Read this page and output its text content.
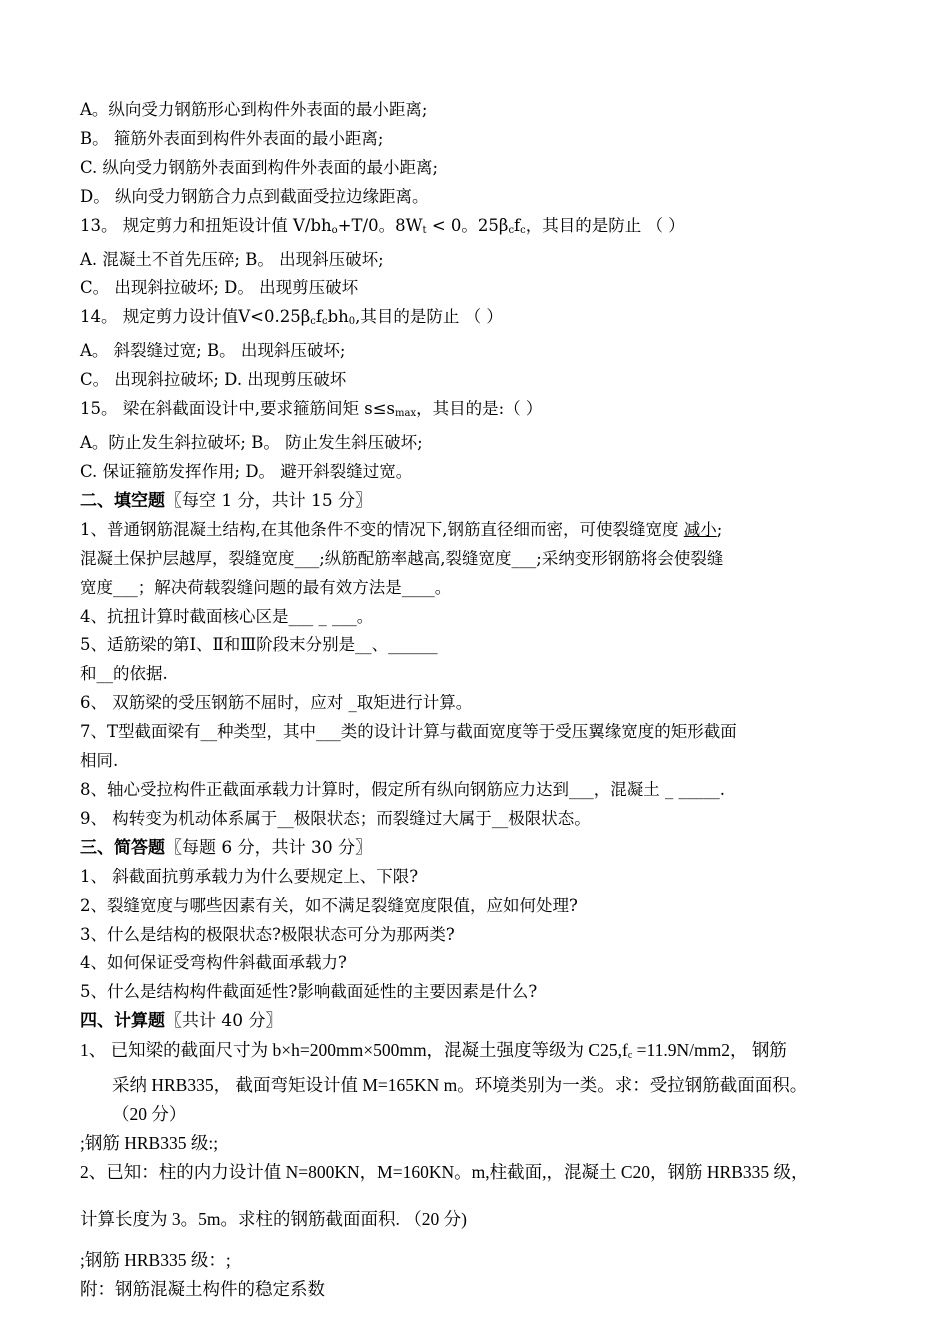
A。纵向受力钢筋形心到构件外表面的最小距离;
B。 箍筋外表面到构件外表面的最小距离;
C. 纵向受力钢筋外表面到构件外表面的最小距离;
D。 纵向受力钢筋合力点到截面受拉边缘距离。
13。 规定剪力和扭矩设计值 $V/bh_o+T/0$。$8W_t < 0$。$25\beta_cf_c$，其目的是防止 （ ）
A. 混凝土不首先压碎; B。 出现斜压破坏;
C。 出现斜拉破坏; D。 出现剪压破坏
14。 规定剪力设计值$V<0.25\beta_cf_cbh_0$,其目的是防止 （ ）
A。 斜裂缝过宽; B。 出现斜压破坏;
C。 出现斜拉破坏; D. 出现剪压破坏
15。 梁在斜截面设计中,要求箍筋间矩 $s\le s_{max}$，其目的是:（ ）
A。防止发生斜拉破坏; B。 防止发生斜压破坏;
C. 保证箍筋发挥作用; D。 避开斜裂缝过宽。
二、填空题〖每空 1 分，共计 15 分〗
1、普通钢筋混凝土结构,在其他条件不变的情况下,钢筋直径细而密，可使裂缝宽度 减小;
混凝土保护层越厚，裂缝宽度___;纵筋配筋率越高,裂缝宽度___;采纳变形钢筋将会使裂缝
宽度___；解决荷载裂缝问题的最有效方法是____。
4、抗扭计算时截面核心区是___ _ ___。
5、适筋梁的第Ⅰ、Ⅱ和Ⅲ阶段末分别是__、______
和__的依据.
6、 双筋梁的受压钢筋不屈时，应对 _取矩进行计算。
7、T型截面梁有__种类型，其中___类的设计计算与截面宽度等于受压翼缘宽度的矩形截面
相同.
8、轴心受拉构件正截面承载力计算时，假定所有纵向钢筋应力达到___，混凝土 _ _____.
9、 构转变为机动体系属于__极限状态；而裂缝过大属于__极限状态。
三、简答题〖每题 6 分，共计 30 分〗
1、 斜截面抗剪承载力为什么要规定上、下限?
2、裂缝宽度与哪些因素有关，如不满足裂缝宽度限值，应如何处理?
3、什么是结构的极限状态?极限状态可分为那两类?
4、如何保证受弯构件斜截面承载力?
5、什么是结构构件截面延性?影响截面延性的主要因素是什么?
四、计算题〖共计 40 分〗
1、 已知梁的截面尺寸为 b×h=200mm×500mm，混凝土强度等级为 $C25,f_c =11.9N/mm2$， 钢筋
采纳 HRB335， 截面弯矩设计值 M=165KN m。环境类别为一类。求：受拉钢筋截面面积。
（20 分）
;钢筋 HRB335 级:;
2、已知：柱的内力设计值 N=800KN，M=160KN。m,柱截面,，混凝土 C20，钢筋 HRB335 级，
计算长度为 3。5m。求柱的钢筋截面面积. （20 分)
;钢筋 HRB335 级：;
附：钢筋混凝土构件的稳定系数
